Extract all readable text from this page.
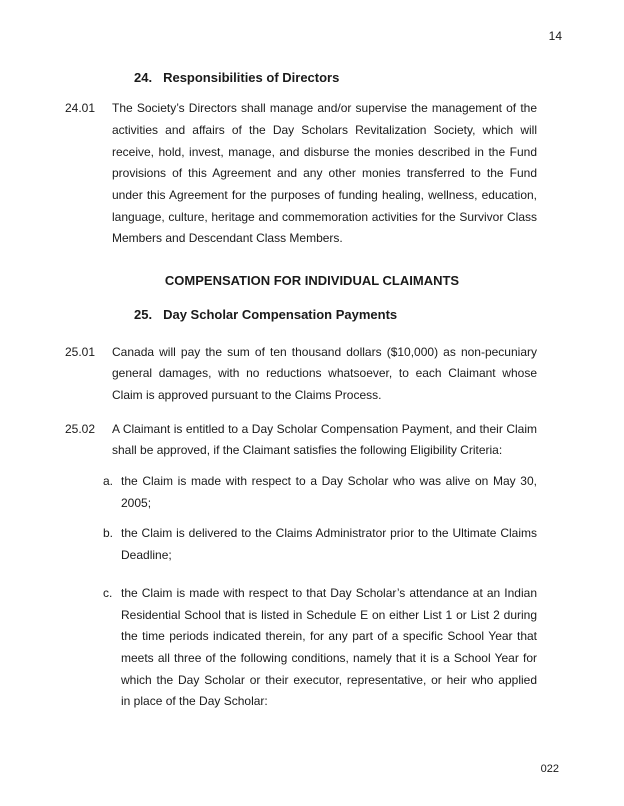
14
24. Responsibilities of Directors
24.01	The Society’s Directors shall manage and/or supervise the management of the
activities and affairs of the Day Scholars Revitalization Society, which will
receive, hold, invest, manage, and disburse the monies described in the Fund
provisions of this Agreement and any other monies transferred to the Fund
under this Agreement for the purposes of funding healing, wellness, education,
language, culture, heritage and commemoration activities for the Survivor Class
Members and Descendant Class Members.
COMPENSATION FOR INDIVIDUAL CLAIMANTS
25. Day Scholar Compensation Payments
25.01	Canada will pay the sum of ten thousand dollars ($10,000) as non-pecuniary
general damages, with no reductions whatsoever, to each Claimant whose
Claim is approved pursuant to the Claims Process.
25.02	A Claimant is entitled to a Day Scholar Compensation Payment, and their Claim
shall be approved, if the Claimant satisfies the following Eligibility Criteria:
a. the Claim is made with respect to a Day Scholar who was alive on May 30,
2005;
b. the Claim is delivered to the Claims Administrator prior to the Ultimate Claims
Deadline;
c. the Claim is made with respect to that Day Scholar’s attendance at an Indian
Residential School that is listed in Schedule E on either List 1 or List 2 during
the time periods indicated therein, for any part of a specific School Year that
meets all three of the following conditions, namely that it is a School Year for
which the Day Scholar or their executor, representative, or heir who applied
in place of the Day Scholar:
022
